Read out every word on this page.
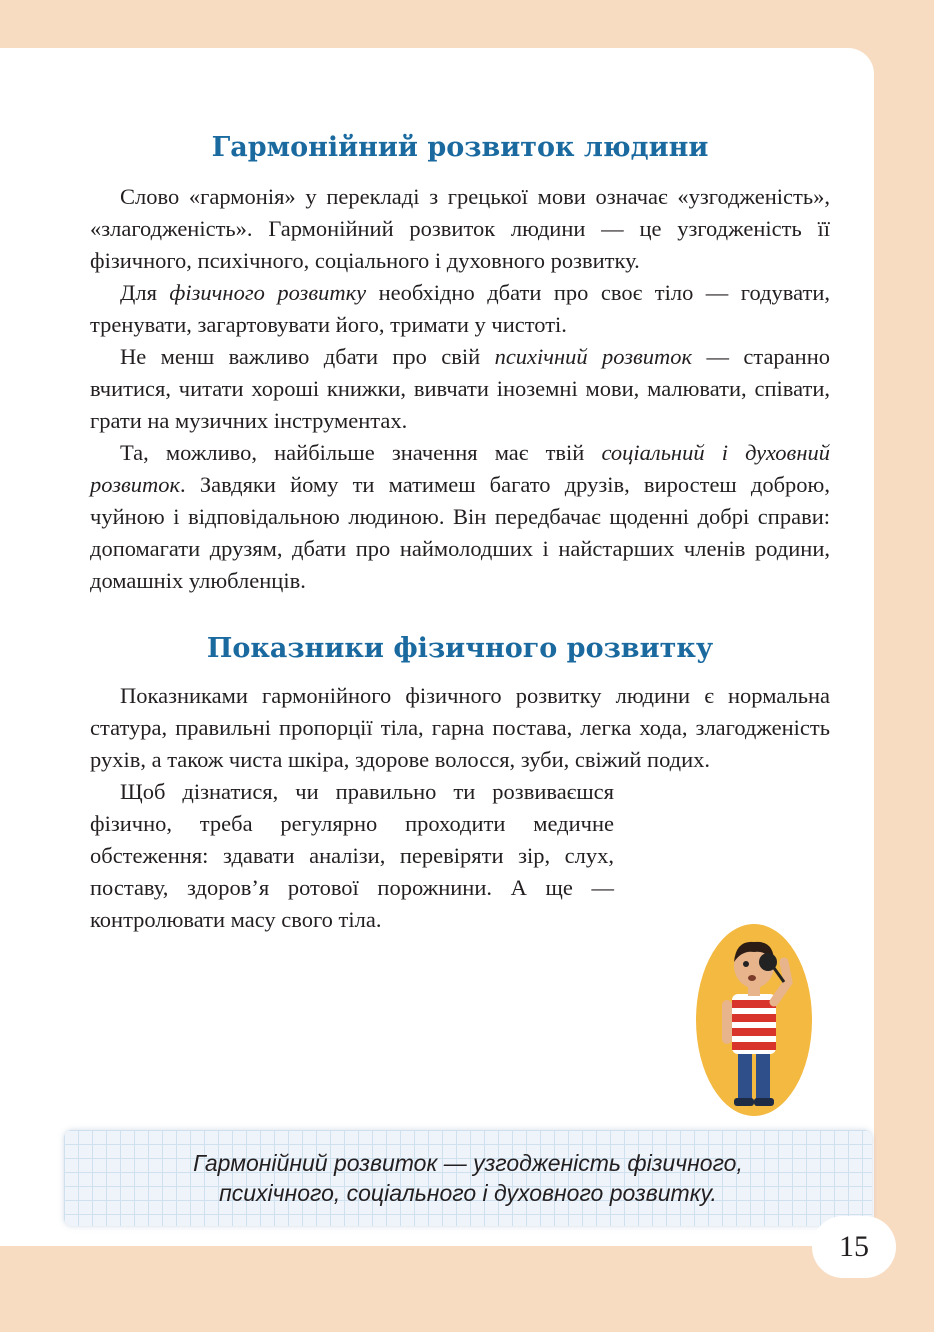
Гармонійний розвиток людини

Слово «гармонія» у перекладі з грецької мови означає «узгодженість», «злагодженість». Гармонійний розвиток людини — це узгодженість її фізичного, психічного, соціального і духовного розвитку.

Для фізичного розвитку необхідно дбати про своє тіло — годувати, тренувати, загартовувати його, тримати у чистоті.

Не менш важливо дбати про свій психічний розвиток — старанно вчитися, читати хороші книжки, вивчати іноземні мови, малювати, співати, грати на музичних інструментах.

Та, можливо, найбільше значення має твій соціальний і духовний розвиток. Завдяки йому ти матимеш багато друзів, виростеш доброю, чуйною і відповідальною людиною. Він передбачає щоденні добрі справи: допомагати друзям, дбати про наймолодших і найстарших членів родини, домашніх улюбленців.

Показники фізичного розвитку

Показниками гармонійного фізичного розвитку людини є нормальна статура, правильні пропорції тіла, гарна постава, легка хода, злагодженість рухів, а також чиста шкіра, здорове волосся, зуби, свіжий подих.

Щоб дізнатися, чи правильно ти розвиваєшся фізично, треба регулярно проходити медичне обстеження: здавати аналізи, перевіряти зір, слух, поставу, здоров’я ротової порожнини. А ще — контролювати масу свого тіла.

Гармонійний розвиток — узгодженість фізичного,
психічного, соціального і духовного розвитку.
15
